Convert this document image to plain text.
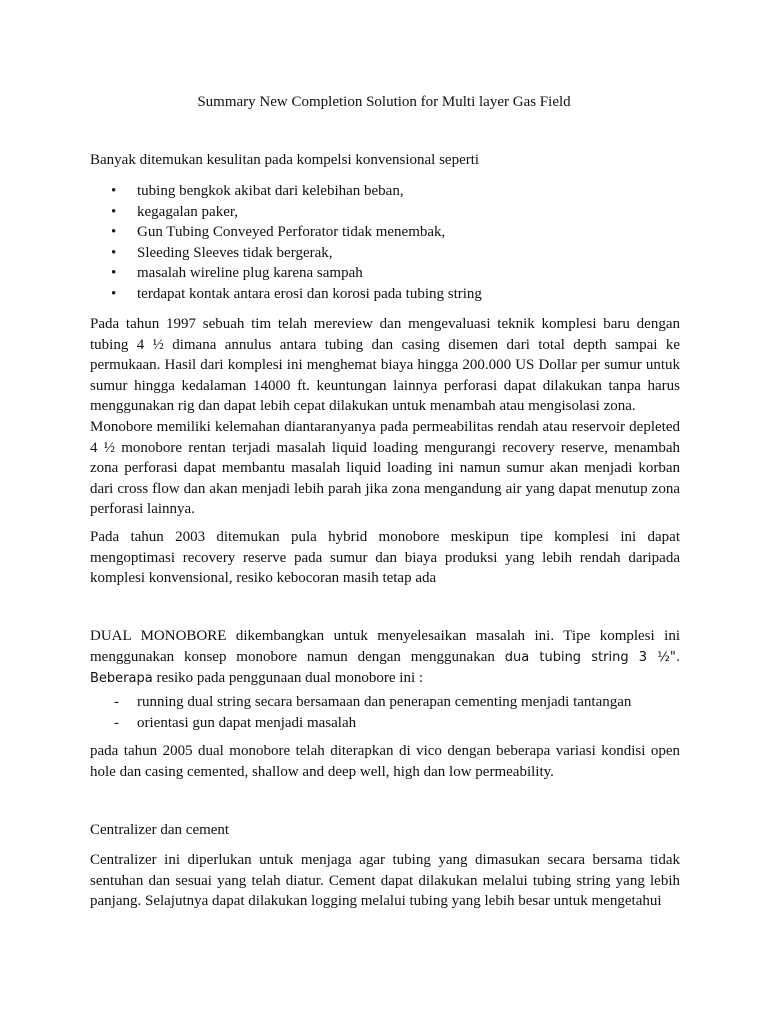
Summary New Completion Solution for Multi layer Gas Field

Banyak ditemukan kesulitan pada kompelsi konvensional seperti

• tubing bengkok akibat dari kelebihan beban,
• kegagalan paker,
• Gun Tubing Conveyed Perforator tidak menembak,
• Sleeding Sleeves tidak bergerak,
• masalah wireline plug karena sampah
• terdapat kontak antara erosi dan korosi pada tubing string

Pada tahun 1997 sebuah tim telah mereview dan mengevaluasi teknik komplesi baru dengan tubing 4 ½ dimana annulus antara tubing dan casing disemen dari total depth sampai ke permukaan. Hasil dari komplesi ini menghemat biaya hingga 200.000 US Dollar per sumur untuk sumur hingga kedalaman 14000 ft. keuntungan lainnya perforasi dapat dilakukan tanpa harus menggunakan rig dan dapat lebih cepat dilakukan untuk menambah atau mengisolasi zona.

Monobore memiliki kelemahan diantaranyanya pada permeabilitas rendah atau reservoir depleted 4 ½ monobore rentan terjadi masalah liquid loading mengurangi recovery reserve, menambah zona perforasi dapat membantu masalah liquid loading ini namun sumur akan menjadi korban dari cross flow dan akan menjadi lebih parah jika zona mengandung air yang dapat menutup zona perforasi lainnya.

Pada tahun 2003 ditemukan pula hybrid monobore meskipun tipe komplesi ini dapat mengoptimasi recovery reserve pada sumur dan biaya produksi yang lebih rendah daripada komplesi konvensional, resiko kebocoran masih tetap ada

DUAL MONOBORE dikembangkan untuk menyelesaikan masalah ini. Tipe komplesi ini menggunakan konsep monobore namun dengan menggunakan dua tubing string 3 ½". Beberapa resiko pada penggunaan dual monobore ini :

- running dual string secara bersamaan dan penerapan cementing menjadi tantangan
- orientasi gun dapat menjadi masalah

pada tahun 2005 dual monobore telah diterapkan di vico dengan beberapa variasi kondisi open hole dan casing cemented, shallow and deep well, high dan low permeability.

Centralizer dan cement

Centralizer ini diperlukan untuk menjaga agar tubing yang dimasukan secara bersama tidak sentuhan dan sesuai yang telah diatur. Cement dapat dilakukan melalui tubing string yang lebih panjang. Selajutnya dapat dilakukan logging melalui tubing yang lebih besar untuk mengetahui
